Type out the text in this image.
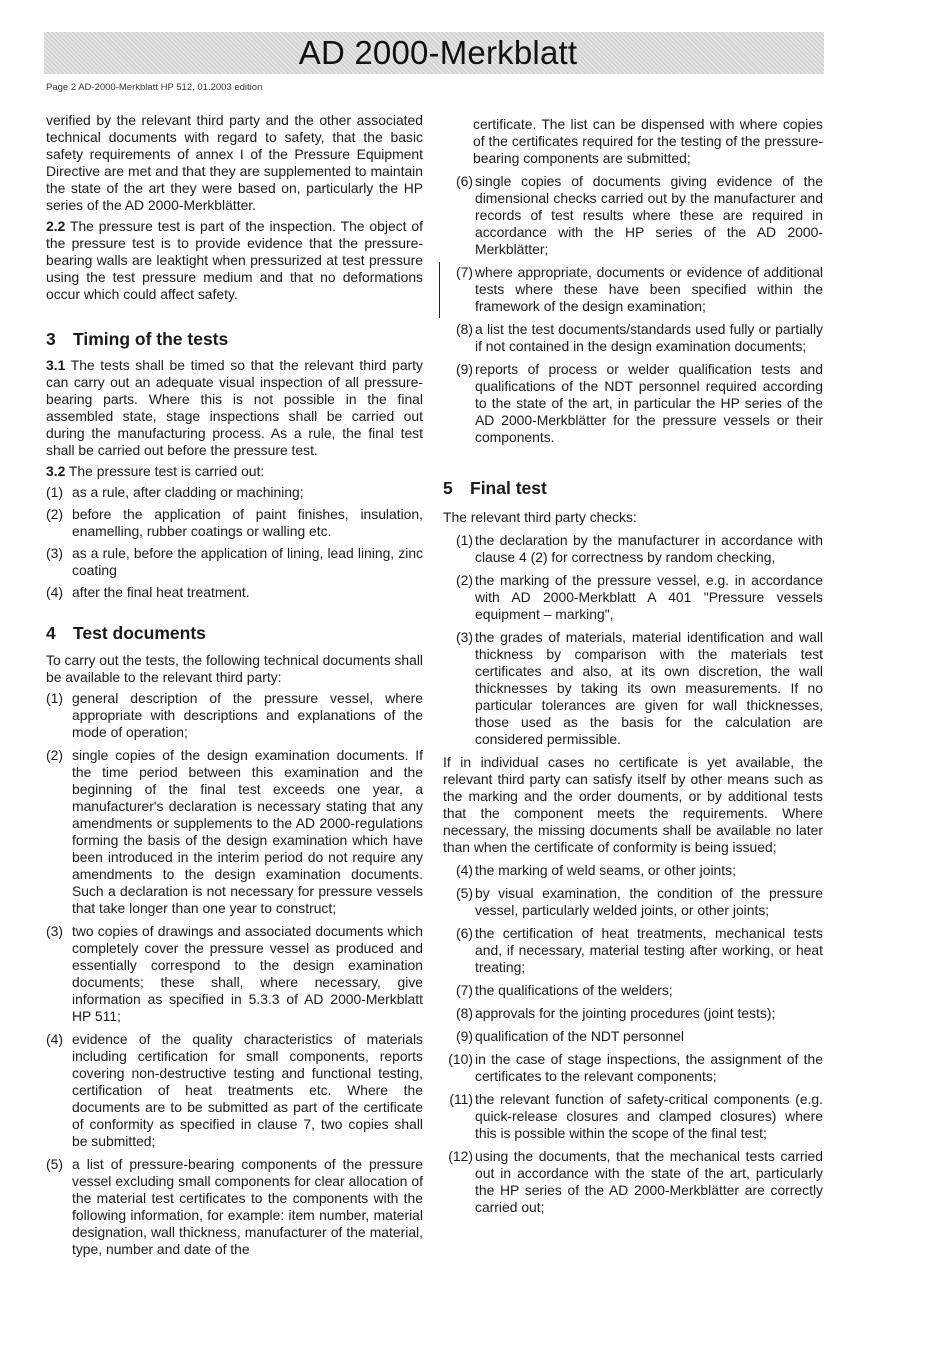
AD 2000-Merkblatt
Page 2 AD-2000-Merkblatt HP 512, 01.2003 edition

verified by the relevant third party and the other associated technical documents with regard to safety, that the basic safety requirements of annex I of the Pressure Equipment Directive are met and that they are supplemented to maintain the state of the art they were based on, particularly the HP series of the AD 2000-Merkblätter.

2.2 The pressure test is part of the inspection. The object of the pressure test is to provide evidence that the pressure-bearing walls are leaktight when pressurized at test pressure using the test pressure medium and that no deformations occur which could affect safety.

3 Timing of the tests

3.1 The tests shall be timed so that the relevant third party can carry out an adequate visual inspection of all pressure-bearing parts. Where this is not possible in the final assembled state, stage inspections shall be carried out during the manufacturing process. As a rule, the final test shall be carried out before the pressure test.

3.2 The pressure test is carried out:

(1) as a rule, after cladding or machining;
(2) before the application of paint finishes, insulation, enamelling, rubber coatings or walling etc.
(3) as a rule, before the application of lining, lead lining, zinc coating
(4) after the final heat treatment.
4 Test documents

To carry out the tests, the following technical documents shall be available to the relevant third party:

(1) general description of the pressure vessel, where appropriate with descriptions and explanations of the mode of operation;
(2) single copies of the design examination documents. If the time period between this examination and the beginning of the final test exceeds one year, a manufacturer's declaration is necessary stating that any amendments or supplements to the AD 2000-regulations forming the basis of the design examination which have been introduced in the interim period do not require any amendments to the design examination documents. Such a declaration is not necessary for pressure vessels that take longer than one year to construct;
(3) two copies of drawings and associated documents which completely cover the pressure vessel as produced and essentially correspond to the design examination documents; these shall, where necessary, give information as specified in 5.3.3 of AD 2000-Merkblatt HP 511;
(4) evidence of the quality characteristics of materials including certification for small components, reports covering non-destructive testing and functional testing, certification of heat treatments etc. Where the documents are to be submitted as part of the certificate of conformity as specified in clause 7, two copies shall be submitted;
(5) a list of pressure-bearing components of the pressure vessel excluding small components for clear allocation of the material test certificates to the components with the following information, for example: item number, material designation, wall thickness, manufacturer of the material, type, number and date of the

certificate. The list can be dispensed with where copies of the certificates required for the testing of the pressure-bearing components are submitted;

(6) single copies of documents giving evidence of the dimensional checks carried out by the manufacturer and records of test results where these are required in accordance with the HP series of the AD 2000-Merkblätter;
(7) where appropriate, documents or evidence of additional tests where these have been specified within the framework of the design examination;
(8) a list the test documents/standards used fully or partially if not contained in the design examination documents;
(9) reports of process or welder qualification tests and qualifications of the NDT personnel required according to the state of the art, in particular the HP series of the AD 2000-Merkblätter for the pressure vessels or their components.
5 Final test

The relevant third party checks:

(1) the declaration by the manufacturer in accordance with clause 4 (2) for correctness by random checking,
(2) the marking of the pressure vessel, e.g. in accordance with AD 2000-Merkblatt A 401 "Pressure vessels equipment – marking",
(3) the grades of materials, material identification and wall thickness by comparison with the materials test certificates and also, at its own discretion, the wall thicknesses by taking its own measurements. If no particular tolerances are given for wall thicknesses, those used as the basis for the calculation are considered permissible.

If in individual cases no certificate is yet available, the relevant third party can satisfy itself by other means such as the marking and the order douments, or by additional tests that the component meets the requirements. Where necessary, the missing documents shall be available no later than when the certificate of conformity is being issued;

(4) the marking of weld seams, or other joints;
(5) by visual examination, the condition of the pressure vessel, particularly welded joints, or other joints;
(6) the certification of heat treatments, mechanical tests and, if necessary, material testing after working, or heat treating;
(7) the qualifications of the welders;
(8) approvals for the jointing procedures (joint tests);
(9) qualification of the NDT personnel
(10) in the case of stage inspections, the assignment of the certificates to the relevant components;
(11) the relevant function of safety-critical components (e.g. quick-release closures and clamped closures) where this is possible within the scope of the final test;
(12) using the documents, that the mechanical tests carried out in accordance with the state of the art, particularly the HP series of the AD 2000-Merkblätter are correctly carried out;
